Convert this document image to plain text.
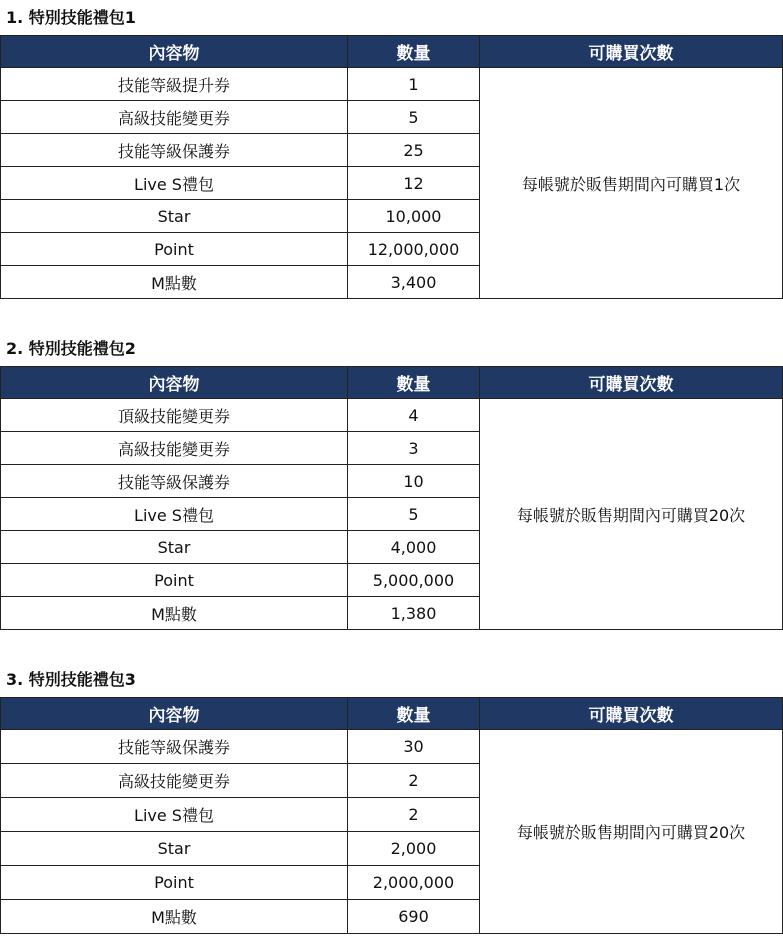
1. 特別技能禮包1
內容物	數量	可購買次數
技能等級提升券	1	每帳號於販售期間內可購買1次
高級技能變更券	5	
技能等級保護券	25	
Live S禮包	12	
Star	10,000	
Point	12,000,000	
M點數	3,400	
2. 特別技能禮包2
內容物	數量	可購買次數
頂級技能變更券	4	每帳號於販售期間內可購買20次
高級技能變更券	3	
技能等級保護券	10	
Live S禮包	5	
Star	4,000	
Point	5,000,000	
M點數	1,380	
3. 特別技能禮包3
內容物	數量	可購買次數
技能等級保護券	30	每帳號於販售期間內可購買20次
高級技能變更券	2	
Live S禮包	2	
Star	2,000	
Point	2,000,000	
M點數	690	
